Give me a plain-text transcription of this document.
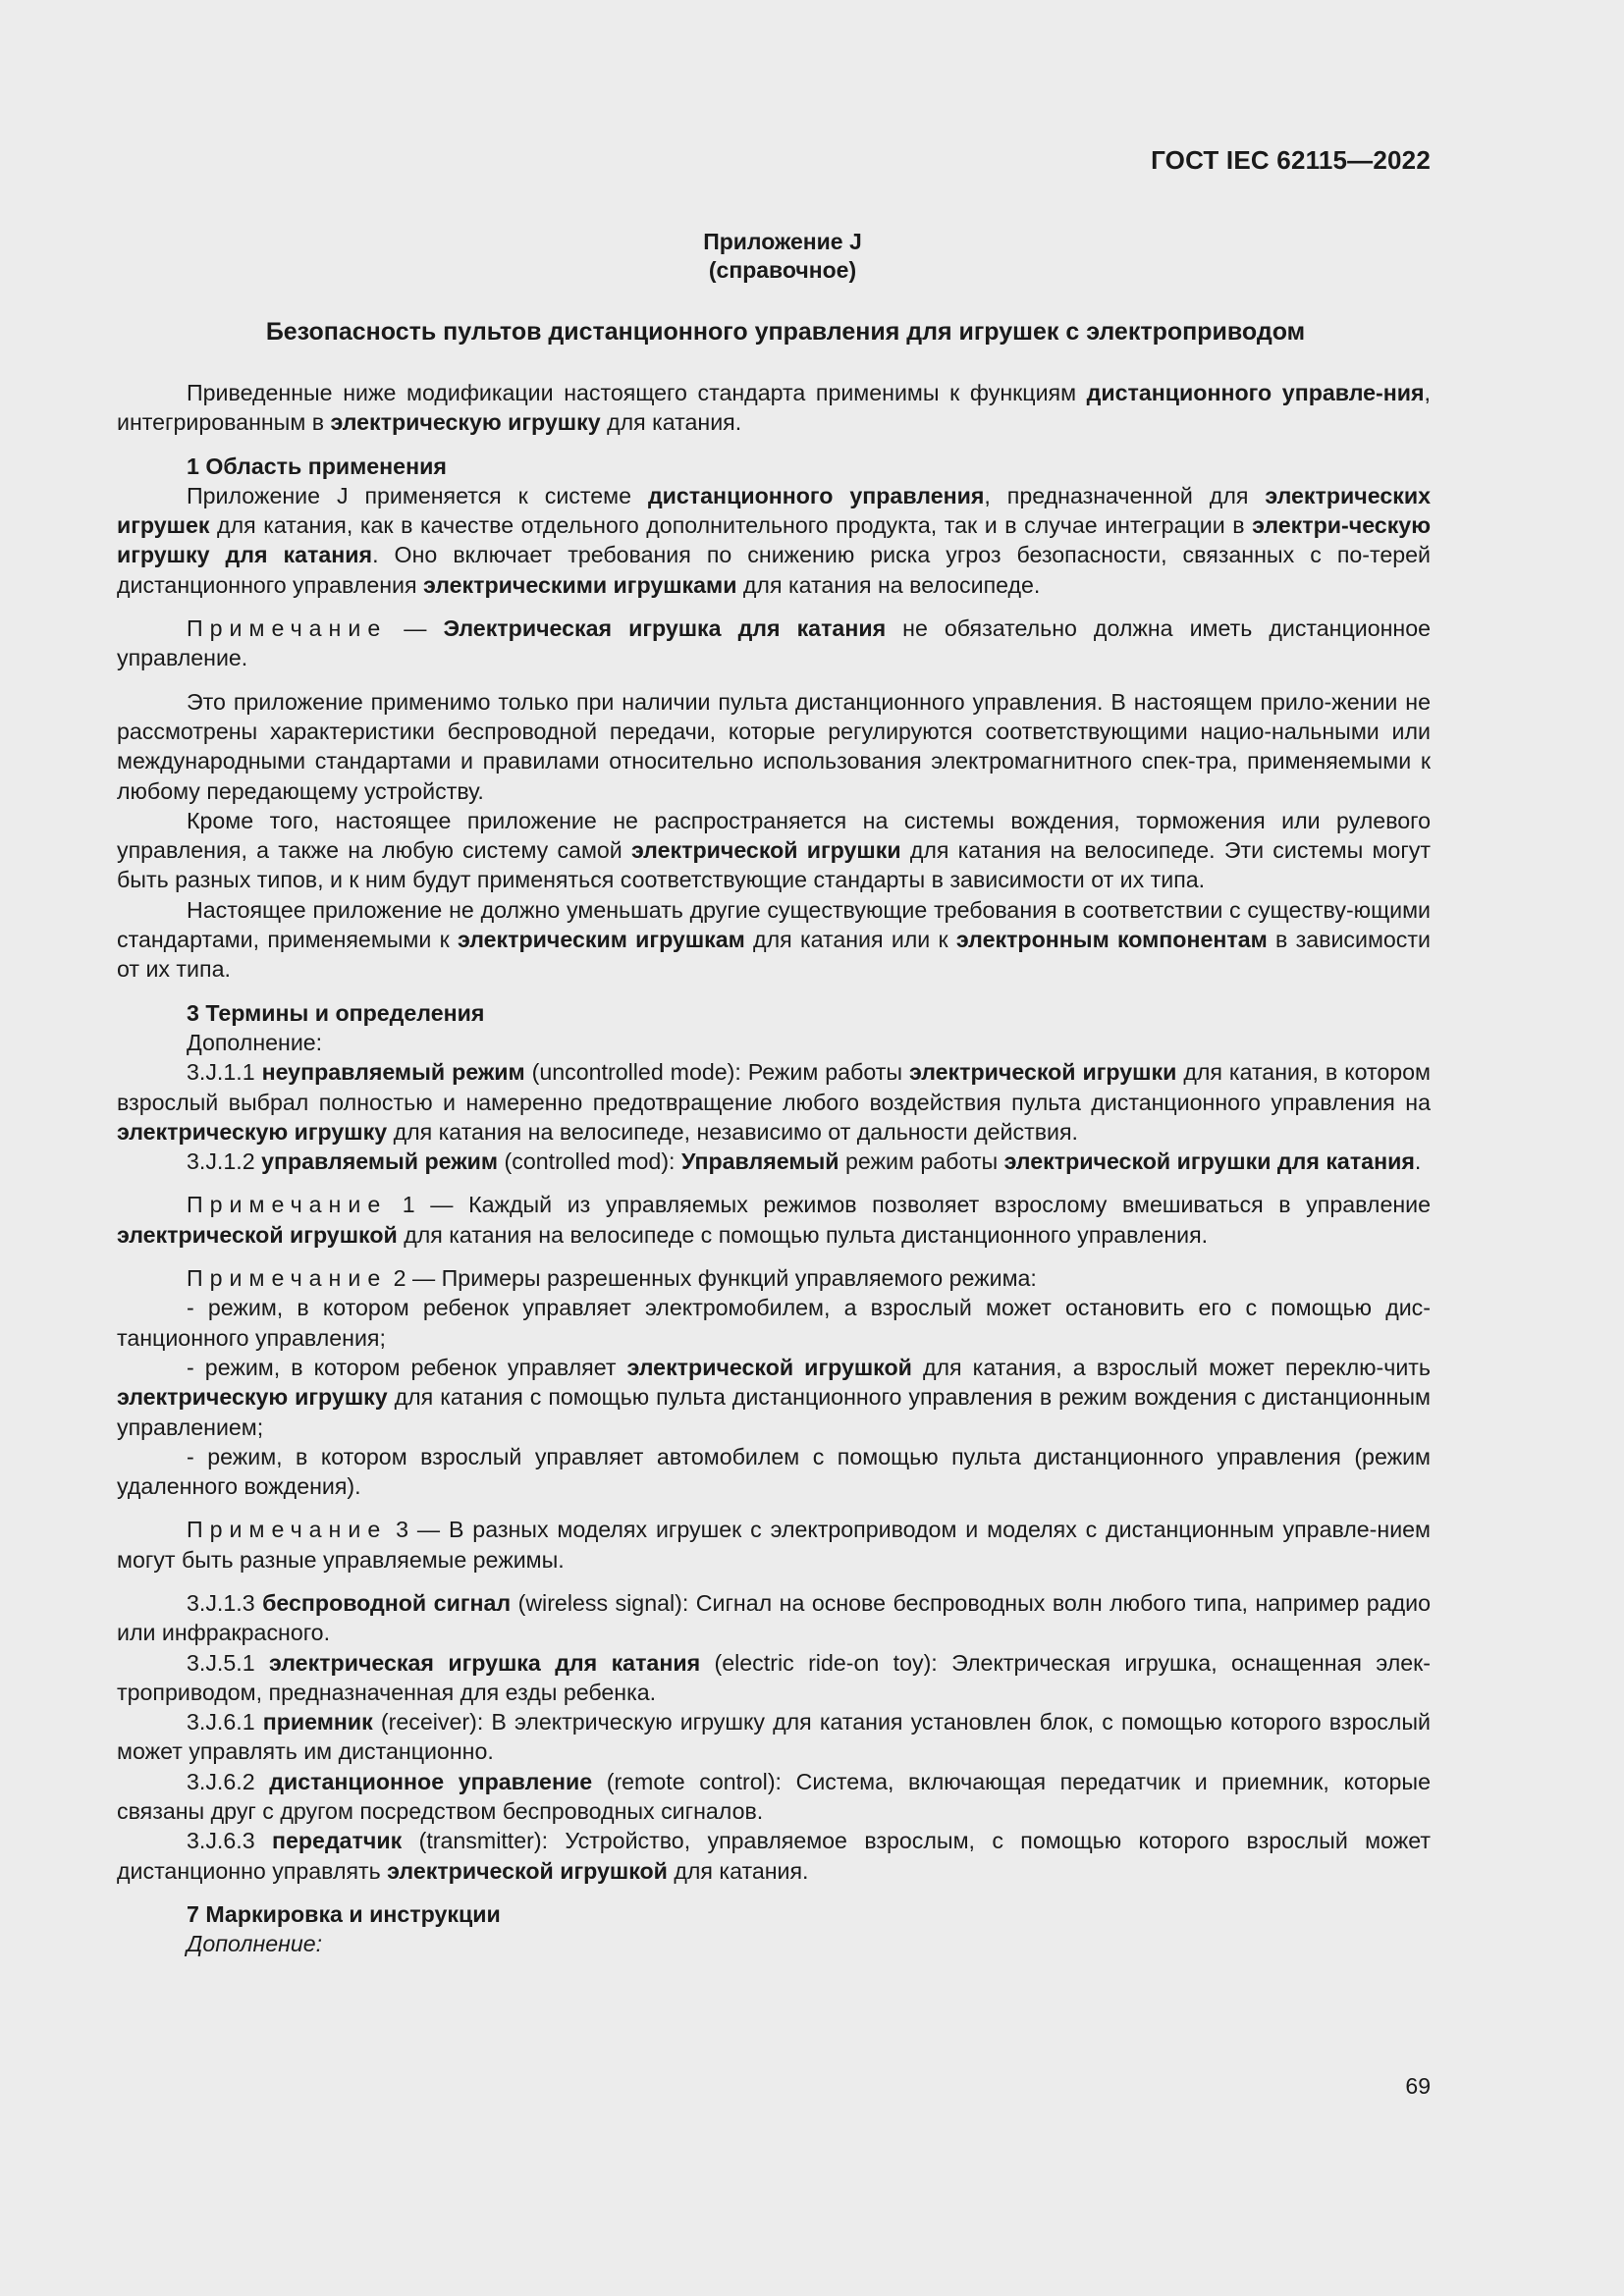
ГОСТ IEC 62115—2022
Приложение J
(справочное)
Безопасность пультов дистанционного управления для игрушек с электроприводом

Приведенные ниже модификации настоящего стандарта применимы к функциям дистанционного управле-ния, интегрированным в электрическую игрушку для катания.

1 Область применения

Приложение J применяется к системе дистанционного управления, предназначенной для электрических игрушек для катания, как в качестве отдельного дополнительного продукта, так и в случае интеграции в электри-ческую игрушку для катания. Оно включает требования по снижению риска угроз безопасности, связанных с по-терей дистанционного управления электрическими игрушками для катания на велосипеде.

Примечание — Электрическая игрушка для катания не обязательно должна иметь дистанционное управление.

Это приложение применимо только при наличии пульта дистанционного управления. В настоящем прило-жении не рассмотрены характеристики беспроводной передачи, которые регулируются соответствующими нацио-нальными или международными стандартами и правилами относительно использования электромагнитного спек-тра, применяемыми к любому передающему устройству.

Кроме того, настоящее приложение не распространяется на системы вождения, торможения или рулевого управления, а также на любую систему самой электрической игрушки для катания на велосипеде. Эти системы могут быть разных типов, и к ним будут применяться соответствующие стандарты в зависимости от их типа.

Настоящее приложение не должно уменьшать другие существующие требования в соответствии с существу-ющими стандартами, применяемыми к электрическим игрушкам для катания или к электронным компонентам в зависимости от их типа.

3 Термины и определения

Дополнение:

3.J.1.1 неуправляемый режим (uncontrolled mode): Режим работы электрической игрушки для катания, в котором взрослый выбрал полностью и намеренно предотвращение любого воздействия пульта дистанционного управления на электрическую игрушку для катания на велосипеде, независимо от дальности действия.

3.J.1.2 управляемый режим (controlled mod): Управляемый режим работы электрической игрушки для катания.

Примечание 1 — Каждый из управляемых режимов позволяет взрослому вмешиваться в управление электрической игрушкой для катания на велосипеде с помощью пульта дистанционного управления.

Примечание 2 — Примеры разрешенных функций управляемого режима:

- режим, в котором ребенок управляет электромобилем, а взрослый может остановить его с помощью дис-танционного управления;

- режим, в котором ребенок управляет электрической игрушкой для катания, а взрослый может переклю-чить электрическую игрушку для катания с помощью пульта дистанционного управления в режим вождения с дистанционным управлением;

- режим, в котором взрослый управляет автомобилем с помощью пульта дистанционного управления (режим удаленного вождения).

Примечание 3 — В разных моделях игрушек с электроприводом и моделях с дистанционным управле-нием могут быть разные управляемые режимы.

3.J.1.3 беспроводной сигнал (wireless signal): Сигнал на основе беспроводных волн любого типа, например радио или инфракрасного.

3.J.5.1 электрическая игрушка для катания (electric ride-on toy): Электрическая игрушка, оснащенная элек-троприводом, предназначенная для езды ребенка.

3.J.6.1 приемник (receiver): В электрическую игрушку для катания установлен блок, с помощью которого взрослый может управлять им дистанционно.

3.J.6.2 дистанционное управление (remote control): Система, включающая передатчик и приемник, которые связаны друг с другом посредством беспроводных сигналов.

3.J.6.3 передатчик (transmitter): Устройство, управляемое взрослым, с помощью которого взрослый может дистанционно управлять электрической игрушкой для катания.

7 Маркировка и инструкции

Дополнение:

69
